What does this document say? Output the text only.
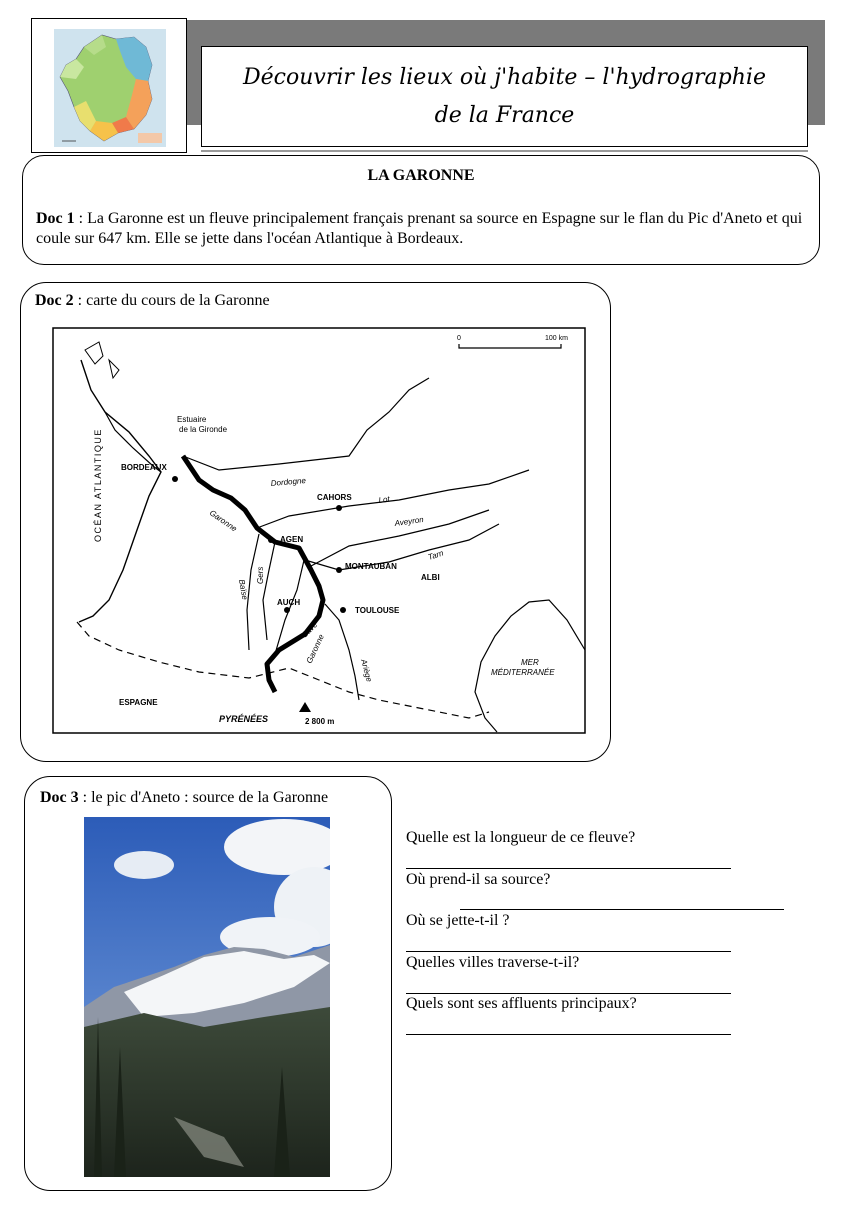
Découvrir les lieux où j'habite – l'hydrographie de la France
LA GARONNE
Doc 1 : La Garonne est un fleuve principalement français prenant sa source en Espagne sur le flan du Pic d'Aneto et qui coule sur 647 km. Elle se jette dans l'océan Atlantique à Bordeaux.
Doc 2 : carte du cours de la Garonne
0	100 km
OCÉAN ATLANTIQUE
Estuaire
de la Gironde
BORDEAUX
CAHORS
AGEN
MONTAUBAN
ALBI
AUCH
TOULOUSE
Dordogne
Lot
Aveyron
Tarn
Garonne
Garonne
Baïse
Gers
Save
Ariège	MER
MÉDITERRANÉE
ESPAGNE
PYRÉNÉES	2 800 m
Doc 3 : le pic d'Aneto : source de la Garonne
Quelle est la longueur de ce fleuve?
Où prend-il sa source?
Où se jette-t-il ?
Quelles villes traverse-t-il?
Quels sont ses affluents principaux?
